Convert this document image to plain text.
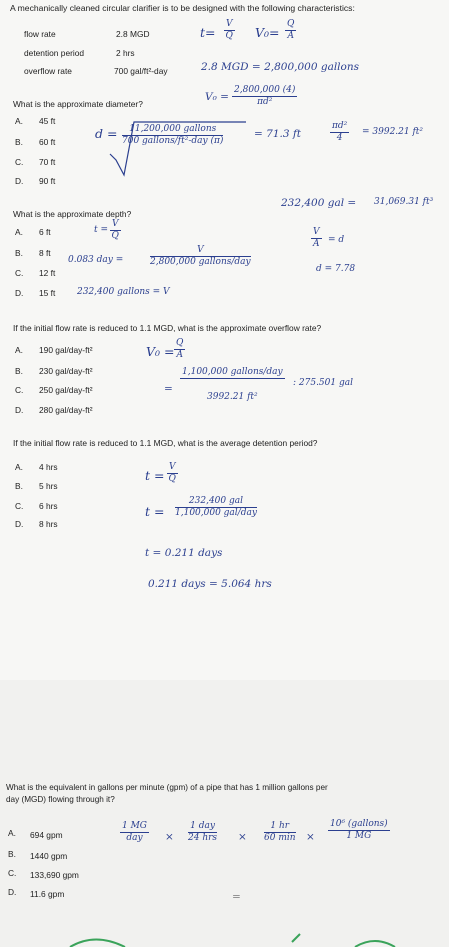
A mechanically cleaned circular clarifier is to be designed with the following characteristics:
flow rate	2.8 MGD
detention period	2 hrs
overflow rate	700 gal/ft²-day
What is the approximate diameter?
A. 45 ft
B. 60 ft
C. 70 ft
D. 90 ft
What is the approximate depth?
A. 6 ft
B. 8 ft
C. 12 ft
D. 15 ft
If the initial flow rate is reduced to 1.1 MGD, what is the approximate overflow rate?
A. 190 gal/day-ft²
B. 230 gal/day-ft²
C. 250 gal/day-ft²
D. 280 gal/day-ft²
If the initial flow rate is reduced to 1.1 MGD, what is the average detention period?
A. 4 hrs
B. 5 hrs
C. 6 hrs
D. 8 hrs
$t= \frac{V}{Q} V_0= \frac{Q}{A}$
2.8 MGD = 2,800,000 gallons
$V_0 = \frac{2,800,000 (4)}{\text{πd²}}$
d =	11,200,000 gallons
700 gallons/ft²-day (π)
= 71.3 ft	$\frac{\text{πd²}}{4} = 3992.21$ ft²
232,400 gal = 31,069.31 ft³
$t = \frac{V}{Q}$
0.083 day =
V
2,800,000 gallons/day
$\frac{V}{A} = d$
232,400 gallons = V
d = 7.78
$V_0 = \frac{Q}{A}$
=
1,100,000 gallons/day
3992.21 ft²
: 275.501 gal
$t = \frac{V}{Q}$
t =
232,400 gal
1,100,000 gal/day
t = 0.211 days
0.211 days = 5.064 hrs
What is the equivalent in gallons per minute (gpm) of a pipe that has 1 million gallons per
day (MGD) flowing through it?
A. 694 gpm
B. 1440 gpm
C. 133,690 gpm
D. 11.6 gpm
1 MG
day	×
1 day
24 hrs ×
1 hr
60 min ×
10⁶ (gallons)
1 MG
=
